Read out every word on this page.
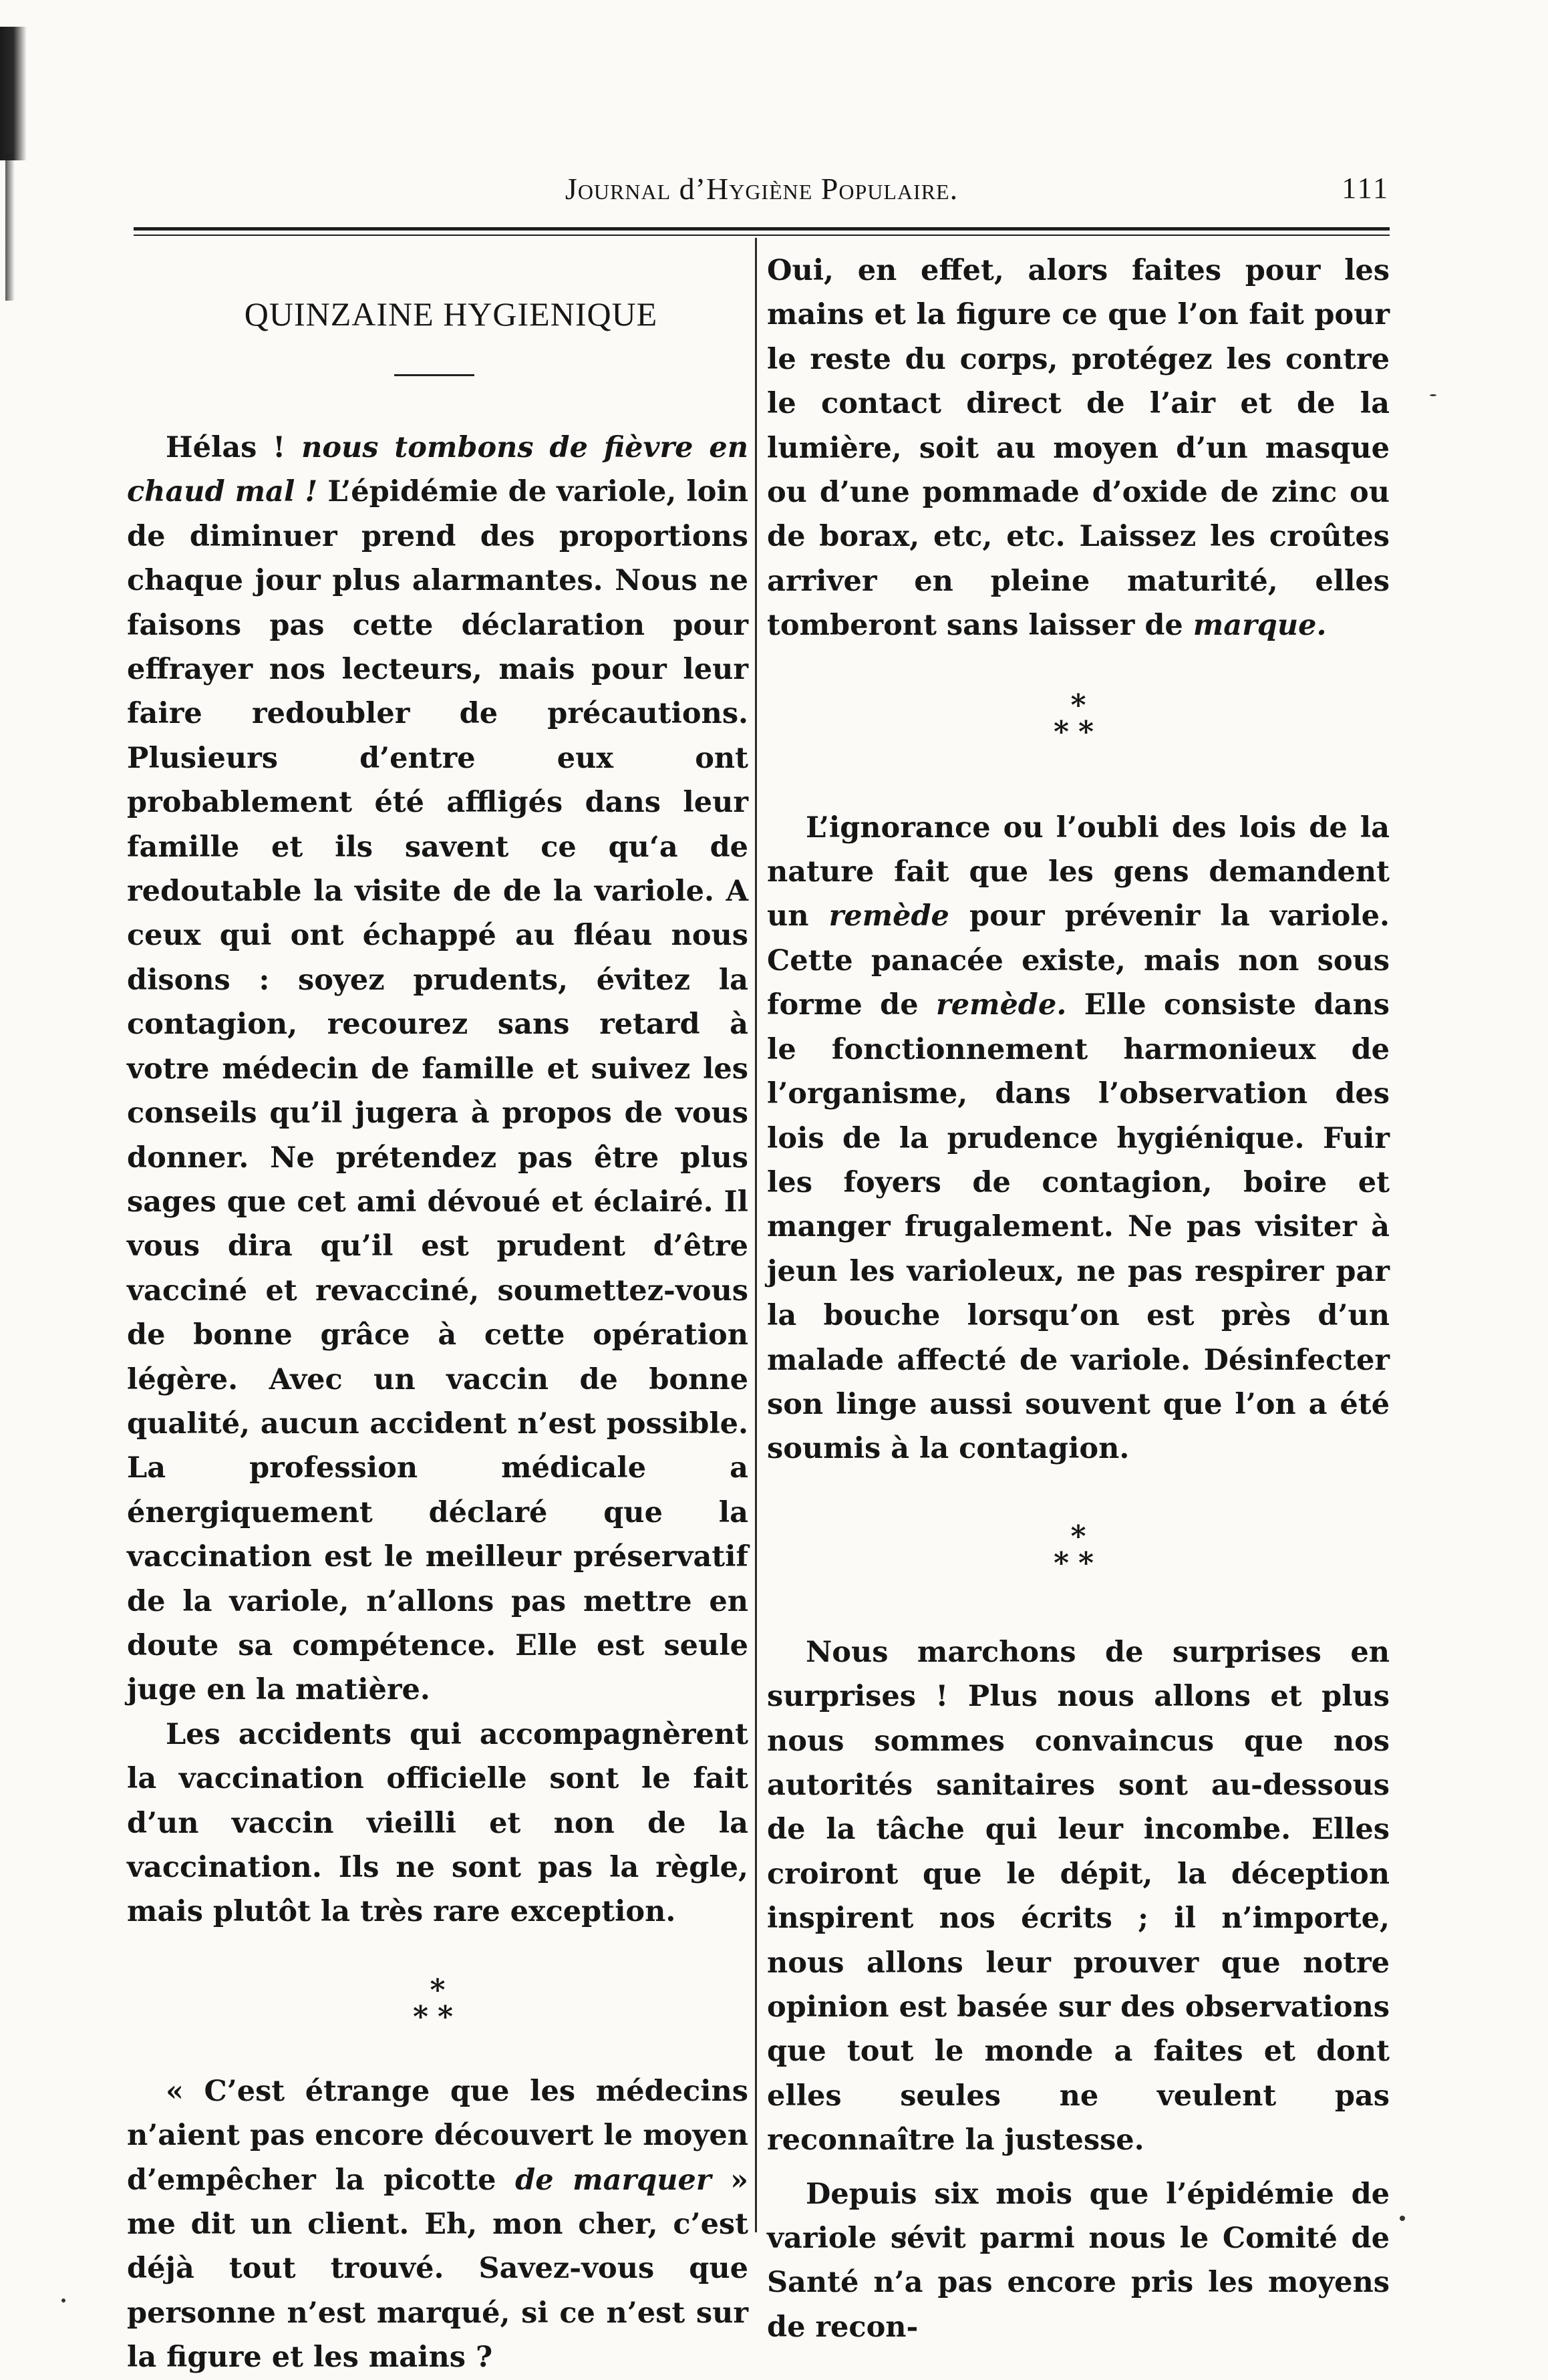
Journal d’Hygiène Populaire.	111
QUINZAINE HYGIENIQUE

Hélas ! nous tombons de fièvre en chaud mal ! L’épidémie de variole, loin de diminuer prend des proportions chaque jour plus alarmantes. Nous ne faisons pas cette déclaration pour effrayer nos lecteurs, mais pour leur faire redoubler de précautions. Plusieurs d’entre eux ont probablement été affligés dans leur famille et ils savent ce qu‘a de redoutable la visite de de la variole. A ceux qui ont échappé au fléau nous disons : soyez prudents, évitez la contagion, recourez sans retard à votre médecin de famille et suivez les conseils qu’il jugera à propos de vous donner. Ne prétendez pas être plus sages que cet ami dévoué et éclairé. Il vous dira qu’il est prudent d’être vacciné et revacciné, soumettez-vous de bonne grâce à cette opération légère. Avec un vaccin de bonne qualité, aucun accident n’est possible. La profession médicale a énergiquement déclaré que la vaccination est le meilleur préservatif de la variole, n’allons pas mettre en doute sa compétence. Elle est seule juge en la matière.

Les accidents qui accompagnèrent la vaccination officielle sont le fait d’un vaccin vieilli et non de la vaccination. Ils ne sont pas la règle, mais plutôt la très rare exception.

*
**

« C’est étrange que les médecins n’aient pas encore découvert le moyen d’empêcher la picotte de marquer » me dit un client. Eh, mon cher, c’est déjà tout trouvé. Savez-vous que personne n’est marqué, si ce n’est sur la figure et les mains ?

Oui, en effet, alors faites pour les mains et la figure ce que l’on fait pour le reste du corps, protégez les contre le contact direct de l’air et de la lumière, soit au moyen d’un masque ou d’une pommade d’oxide de zinc ou de borax, etc, etc. Laissez les croûtes arriver en pleine maturité, elles tomberont sans laisser de marque.

*
**

L’ignorance ou l’oubli des lois de la nature fait que les gens demandent un remède pour prévenir la variole. Cette panacée existe, mais non sous forme de remède. Elle consiste dans le fonctionnement harmonieux de l’organisme, dans l’observation des lois de la prudence hygiénique. Fuir les foyers de contagion, boire et manger frugalement. Ne pas visiter à jeun les varioleux, ne pas respirer par la bouche lorsqu’on est près d’un malade affecté de variole. Désinfecter son linge aussi souvent que l’on a été soumis à la contagion.

*
**

Nous marchons de surprises en surprises ! Plus nous allons et plus nous sommes convaincus que nos autorités sanitaires sont au-dessous de la tâche qui leur incombe. Elles croiront que le dépit, la déception inspirent nos écrits ; il n’importe, nous allons leur prouver que notre opinion est basée sur des observations que tout le monde a faites et dont elles seules ne veulent pas reconnaître la justesse.

Depuis six mois que l’épidémie de variole sévit parmi nous le Comité de Santé n’a pas encore pris les moyens de recon-
